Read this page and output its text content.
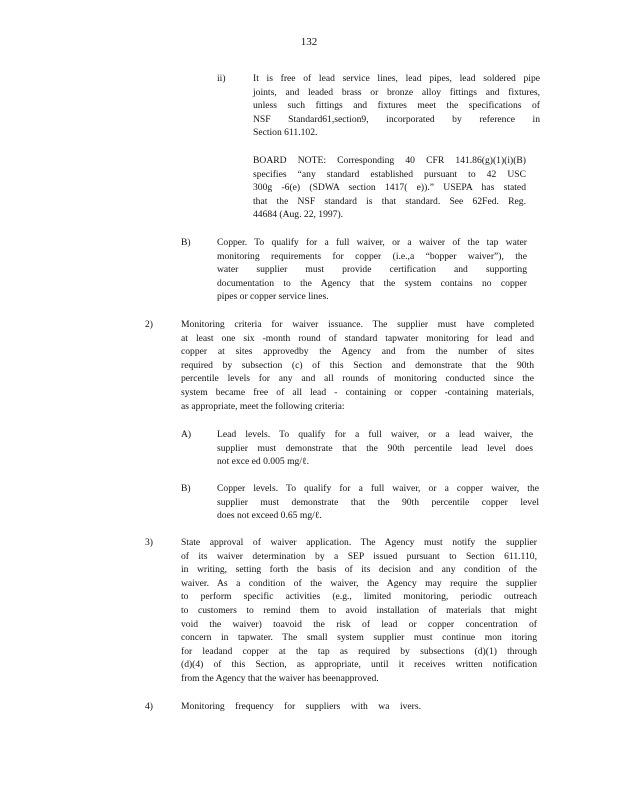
132
ii)	It is free of lead service lines, lead pipes, lead soldered pipe
joints, and leaded brass or bronze alloy fittings and fixtures,
unless such fittings and fixtures meet the specifications of
NSF Standard61,section9, incorporated by reference in
Section 611.102.
BOARD NOTE: Corresponding 40 CFR 141.86(g)(1)(i)(B)
specifies “any standard established pursuant to 42 USC
300g -6(e) (SDWA section 1417( e)).” USEPA has stated
that the NSF standard is that standard. See 62Fed. Reg.
44684 (Aug. 22, 1997).
B)	Copper. To qualify for a full waiver, or a waiver of the tap water
monitoring requirements for copper (i.e.,a “bopper waiver”), the
water supplier must provide certification and supporting
documentation to the Agency that the system contains no copper
pipes or copper service lines.
2)	Monitoring criteria for waiver issuance. The supplier must have completed
at least one six -month round of standard tapwater monitoring for lead and
copper at sites approvedby the Agency and from the number of sites
required by subsection (c) of this Section and demonstrate that the 90th
percentile levels for any and all rounds of monitoring conducted since the
system became free of all lead - containing or copper -containing materials,
as appropriate, meet the following criteria:
A)	Lead levels. To qualify for a full waiver, or a lead waiver, the
supplier must demonstrate that the 90th percentile lead level does
not exce ed 0.005 mg/ℓ.
B)	Copper levels. To qualify for a full waiver, or a copper waiver, the
supplier must demonstrate that the 90th percentile copper level
does not exceed 0.65 mg/ℓ.
3)	State approval of waiver application. The Agency must notify the supplier
of its waiver determination by a SEP issued pursuant to Section 611.110,
in writing, setting forth the basis of its decision and any condition of the
waiver. As a condition of the waiver, the Agency may require the supplier
to perform specific activities (e.g., limited monitoring, periodic outreach
to customers to remind them to avoid installation of materials that might
void the waiver) toavoid the risk of lead or copper concentration of
concern in tapwater. The small system supplier must continue mon itoring
for leadand copper at the tap as required by subsections (d)(1) through
(d)(4) of this Section, as appropriate, until it receives written notification
from the Agency that the waiver has beenapproved.
4)	Monitoring frequency for suppliers with wa ivers.
